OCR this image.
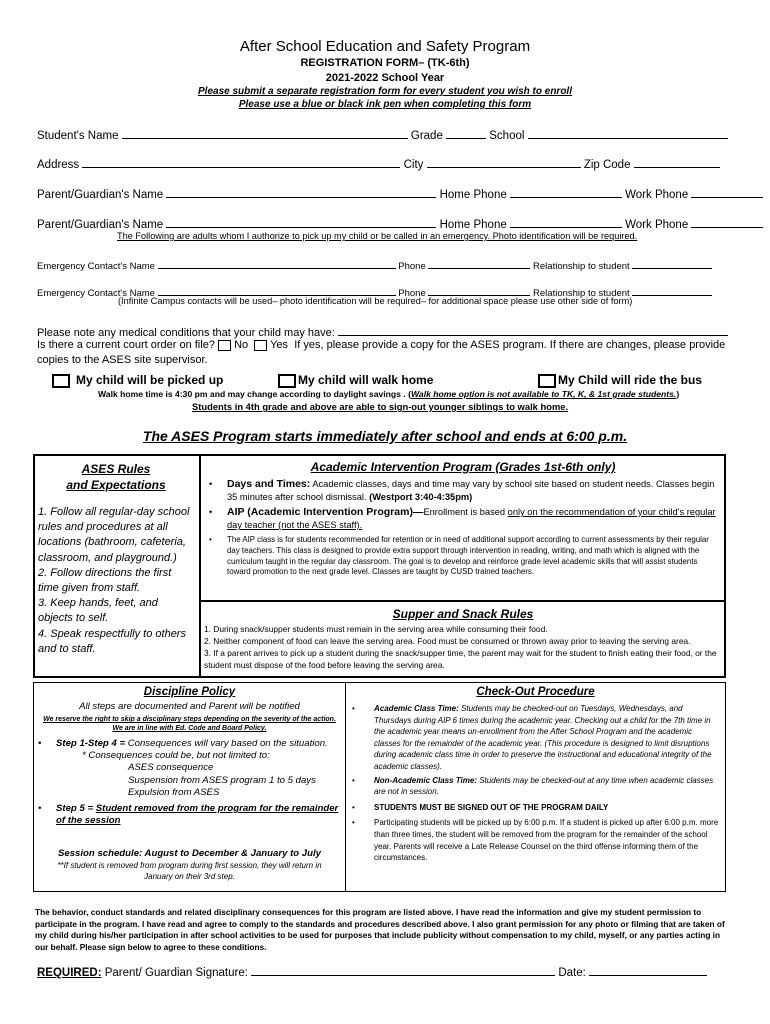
After School Education and Safety Program
REGISTRATION FORM– (TK-6th)
2021-2022 School Year
Please submit a separate registration form for every student you wish to enroll
Please use a blue or black ink pen when completing this form
Student's Name	Grade	School
Address	City	Zip Code
Parent/Guardian's Name	Home Phone	Work Phone
Parent/Guardian's Name	Home Phone	Work Phone
The Following are adults whom I authorize to pick up my child or be called in an emergency. Photo identification will be required.
Emergency Contact's Name	Phone	Relationship to student
Emergency Contact's Name	Phone	Relationship to student
(Infinite Campus contacts will be used– photo identification will be required– for additional space please use other side of form)
Please note any medical conditions that your child may have:
Is there a current court order on file? No Yes If yes, please provide a copy for the ASES program. If there are changes, please provide
copies to the ASES site supervisor.
My child will be picked up	My child will walk home	My Child will ride the bus
Walk home time is 4:30 pm and may change according to daylight savings . (Walk home option is not available to TK, K, & 1st grade students.)
Students in 4th grade and above are able to sign-out younger siblings to walk home.
The ASES Program starts immediately after school and ends at 6:00 p.m.
ASES Rules
and Expectations
1. Follow all regular-day school rules and procedures at all locations (bathroom, cafeteria, classroom, and playground.)
2. Follow directions the first time given from staff.
3. Keep hands, feet, and objects to self.
4. Speak respectfully to others and to staff.
Academic Intervention Program (Grades 1st-6th only)
• Days and Times: Academic classes, days and time may vary by school site based on student needs. Classes begin 35 minutes after school dismissal. (Westport 3:40-4:35pm)
• AIP (Academic Intervention Program)—Enrollment is based only on the recommendation of your child's regular day teacher (not the ASES staff).
• The AIP class is for students recommended for retention or in need of additional support according to current assessments by their regular day teachers. This class is designed to provide extra support through intervention in reading, writing, and math which is aligned with the curriculum taught in the regular day classroom. The goal is to develop and reinforce grade level academic skills that will assist students toward promotion to the next grade level. Classes are taught by CUSD trained teachers.
Supper and Snack Rules
1. During snack/supper students must remain in the serving area while consuming their food.
2. Neither component of food can leave the serving area. Food must be consumed or thrown away prior to leaving the serving area.
3. If a parent arrives to pick up a student during the snack/supper time, the parent may wait for the student to finish eating their food, or the student must dispose of the food before leaving the serving area.
Discipline Policy
All steps are documented and Parent will be notified
We reserve the right to skip a disciplinary steps depending on the severity of the action.
We are in line with Ed. Code and Board Policy.
• Step 1-Step 4 = Consequences will vary based on the situation.
* Consequences could be, but not limited to:
ASES consequence
Suspension from ASES program 1 to 5 days
Expulsion from ASES
• Step 5 = Student removed from the program for the remainder of the session
Session schedule: August to December & January to July
**If student is removed from program during first session, they will return in
January on their 3rd step.
Check-Out Procedure
• Academic Class Time: Students may be checked-out on Tuesdays, Wednesdays, and Thursdays during AIP 6 times during the academic year. Checking out a child for the 7th time in the academic year means un-enrollment from the After School Program and the academic classes for the remainder of the academic year. (This procedure is designed to limit disruptions during academic class time in order to preserve the instructional and educational integrity of the academic classes).
• Non-Academic Class Time: Students may be checked-out at any time when academic classes are not in session.
• STUDENTS MUST BE SIGNED OUT OF THE PROGRAM DAILY
• Participating students will be picked up by 6:00 p.m. If a student is picked up after 6:00 p.m. more than three times, the student will be removed from the program for the remainder of the school year. Parents will receive a Late Release Counsel on the third offense informing them of the circumstances.
The behavior, conduct standards and related disciplinary consequences for this program are listed above. I have read the information and give my student permission to participate in the program. I have read and agree to comply to the standards and procedures described above. I also grant permission for any photo or filming that are taken of my child during his/her participation in after school activities to be used for purposes that include publicity without compensation to my child, myself, or any parties acting in our behalf. Please sign below to agree to these conditions.
REQUIRED: Parent/ Guardian Signature:	Date:
